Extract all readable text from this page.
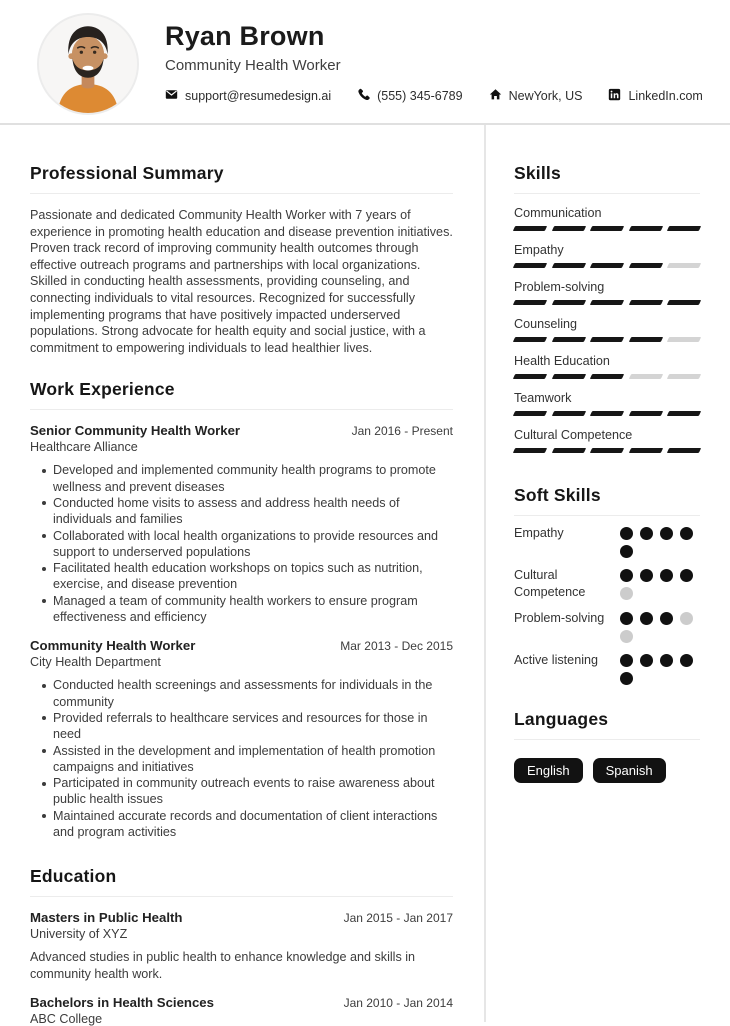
Ryan Brown
Community Health Worker
support@resumedesign.ai	(555) 345-6789	NewYork, US	LinkedIn.com
Professional Summary

Passionate and dedicated Community Health Worker with 7 years of experience in promoting health education and disease prevention initiatives. Proven track record of improving community health outcomes through effective outreach programs and partnerships with local organizations. Skilled in conducting health assessments, providing counseling, and connecting individuals to vital resources. Recognized for successfully implementing programs that have positively impacted underserved populations. Strong advocate for health equity and social justice, with a commitment to empowering individuals to lead healthier lives.

Work Experience
Senior Community Health Worker	Jan 2016 - Present
Healthcare Alliance
Developed and implemented community health programs to promote wellness and prevent diseases
Conducted home visits to assess and address health needs of individuals and families
Collaborated with local health organizations to provide resources and support to underserved populations
Facilitated health education workshops on topics such as nutrition, exercise, and disease prevention
Managed a team of community health workers to ensure program effectiveness and efficiency
Community Health Worker	Mar 2013 - Dec 2015
City Health Department
Conducted health screenings and assessments for individuals in the community
Provided referrals to healthcare services and resources for those in need
Assisted in the development and implementation of health promotion campaigns and initiatives
Participated in community outreach events to raise awareness about public health issues
Maintained accurate records and documentation of client interactions and program activities
Education
Masters in Public Health	Jan 2015 - Jan 2017
University of XYZ

Advanced studies in public health to enhance knowledge and skills in community health work.

Bachelors in Health Sciences	Jan 2010 - Jan 2014
ABC College
Skills
Communication
Empathy
Problem-solving
Counseling
Health Education
Teamwork
Cultural Competence
Soft Skills
Empathy
Cultural Competence
Problem-solving
Active listening
Languages
English	Spanish
